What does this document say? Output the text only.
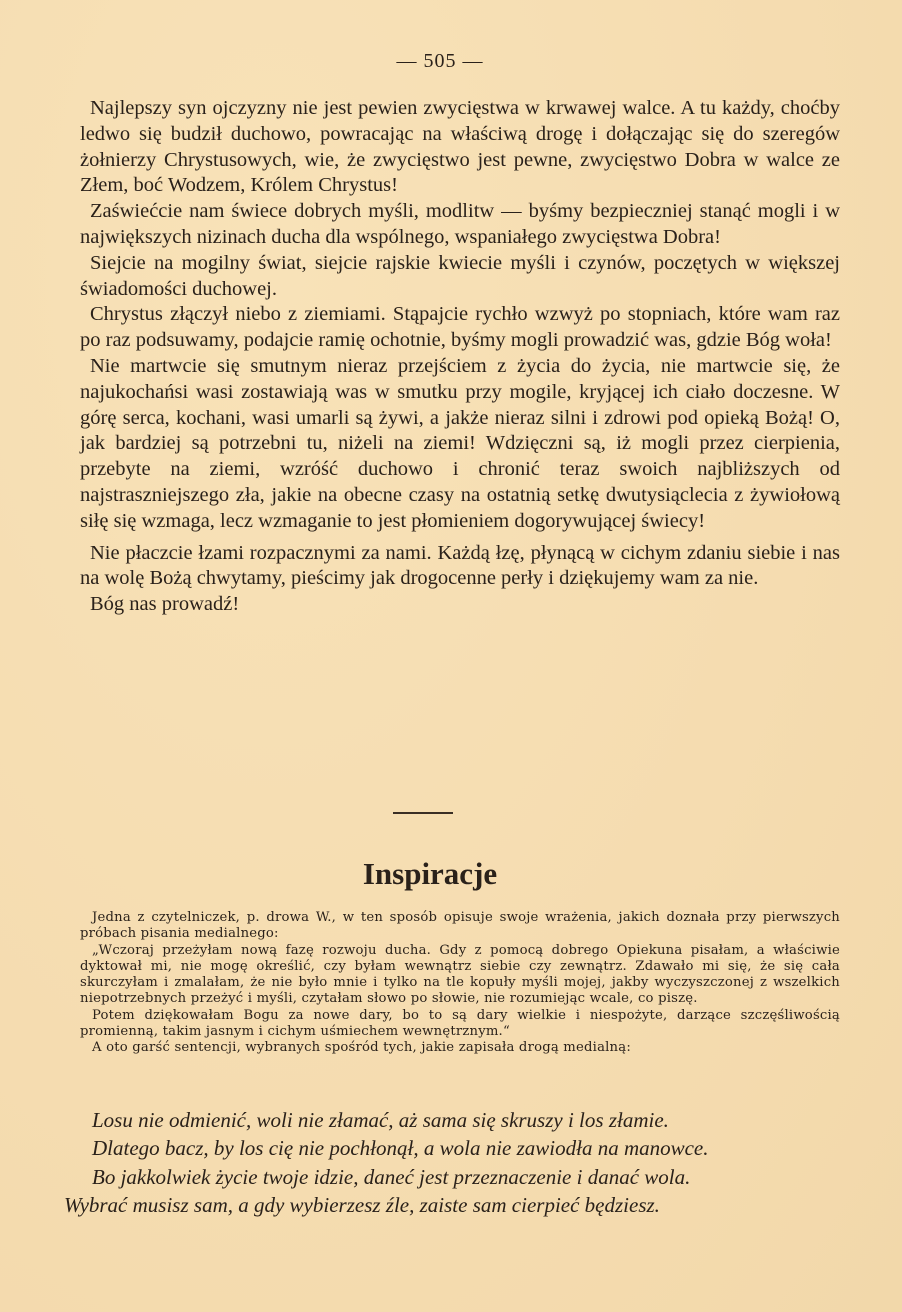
— 505 —

Najlepszy syn ojczyzny nie jest pewien zwycięstwa w krwawej walce. A tu każdy, choćby ledwo się budził duchowo, powracając na właściwą drogę i dołączając się do szeregów żołnierzy Chrystusowych, wie, że zwycięstwo jest pewne, zwycięstwo Dobra w walce ze Złem, boć Wodzem, Królem Chrystus!

Zaświećcie nam świece dobrych myśli, modlitw — byśmy bezpieczniej stanąć mogli i w największych nizinach ducha dla wspólnego, wspaniałego zwycięstwa Dobra!

Siejcie na mogilny świat, siejcie rajskie kwiecie myśli i czynów, poczętych w większej świadomości duchowej.

Chrystus złączył niebo z ziemiami. Stąpajcie rychło wzwyż po stopniach, które wam raz po raz podsuwamy, podajcie ramię ochotnie, byśmy mogli prowadzić was, gdzie Bóg woła!

Nie martwcie się smutnym nieraz przejściem z życia do życia, nie martwcie się, że najukochańsi wasi zostawiają was w smutku przy mogile, kryjącej ich ciało doczesne. W górę serca, kochani, wasi umarli są żywi, a jakże nieraz silni i zdrowi pod opieką Bożą! O, jak bardziej są potrzebni tu, niżeli na ziemi! Wdzięczni są, iż mogli przez cierpienia, przebyte na ziemi, wzróść duchowo i chronić teraz swoich najbliższych od najstraszniejszego zła, jakie na obecne czasy na ostatnią setkę dwutysiąclecia z żywiołową siłę się wzmaga, lecz wzmaganie to jest płomieniem dogorywującej świecy!

Nie płaczcie łzami rozpacznymi za nami. Każdą łzę, płynącą w cichym zdaniu siebie i nas na wolę Bożą chwytamy, pieścimy jak drogocenne perły i dziękujemy wam za nie.

Bóg nas prowadź!

Inspiracje

Jedna z czytelniczek, p. drowa W., w ten sposób opisuje swoje wrażenia, jakich doznała przy pierwszych próbach pisania medialnego:

„Wczoraj przeżyłam nową fazę rozwoju ducha. Gdy z pomocą dobrego Opiekuna pisałam, a właściwie dyktował mi, nie mogę określić, czy byłam wewnątrz siebie czy zewnątrz. Zdawało mi się, że się cała skurczyłam i zmalałam, że nie było mnie i tylko na tle kopuły myśli mojej, jakby wyczyszczonej z wszelkich niepotrzebnych przeżyć i myśli, czytałam słowo po słowie, nie rozumiejąc wcale, co piszę.

Potem dziękowałam Bogu za nowe dary, bo to są dary wielkie i niespożyte, darzące szczęśliwością promienną, takim jasnym i cichym uśmiechem wewnętrznym.“

A oto garść sentencji, wybranych spośród tych, jakie zapisała drogą medialną:

Losu nie odmienić, woli nie złamać, aż sama się skruszy i los złamie.

Dlatego bacz, by los cię nie pochłonął, a wola nie zawiodła na manowce.

Bo jakkolwiek życie twoje idzie, daneć jest przeznaczenie i danać wola.

Wybrać musisz sam, a gdy wybierzesz źle, zaiste sam cierpieć będziesz.
